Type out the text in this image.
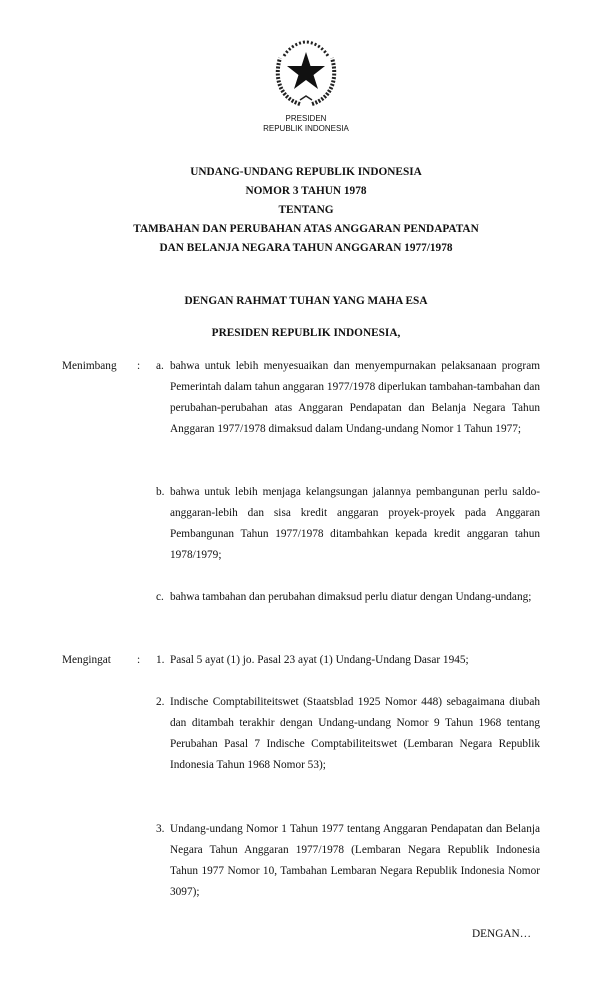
PRESIDEN
REPUBLIK INDONESIA
UNDANG-UNDANG REPUBLIK INDONESIA
NOMOR 3 TAHUN 1978
TENTANG
TAMBAHAN DAN PERUBAHAN ATAS ANGGARAN PENDAPATAN
DAN BELANJA NEGARA TAHUN ANGGARAN 1977/1978
DENGAN RAHMAT TUHAN YANG MAHA ESA
PRESIDEN REPUBLIK INDONESIA,
Menimbang : a. bahwa untuk lebih menyesuaikan dan menyempurnakan pelaksanaan program Pemerintah dalam tahun anggaran 1977/1978 diperlukan tambahan-tambahan dan perubahan-perubahan atas Anggaran Pendapatan dan Belanja Negara Tahun Anggaran 1977/1978 dimaksud dalam Undang-undang Nomor 1 Tahun 1977;
b. bahwa untuk lebih menjaga kelangsungan jalannya pembangunan perlu saldo-anggaran-lebih dan sisa kredit anggaran proyek-proyek pada Anggaran Pembangunan Tahun 1977/1978 ditambahkan kepada kredit anggaran tahun 1978/1979;
c. bahwa tambahan dan perubahan dimaksud perlu diatur dengan Undang-undang;
Mengingat : 1. Pasal 5 ayat (1) jo. Pasal 23 ayat (1) Undang-Undang Dasar 1945;
2. Indische Comptabiliteitswet (Staatsblad 1925 Nomor 448) sebagaimana diubah dan ditambah terakhir dengan Undang-undang Nomor 9 Tahun 1968 tentang Perubahan Pasal 7 Indische Comptabiliteitswet (Lembaran Negara Republik Indonesia Tahun 1968 Nomor 53);
3. Undang-undang Nomor 1 Tahun 1977 tentang Anggaran Pendapatan dan Belanja Negara Tahun Anggaran 1977/1978 (Lembaran Negara Republik Indonesia Tahun 1977 Nomor 10, Tambahan Lembaran Negara Republik Indonesia Nomor 3097);
DENGAN…
